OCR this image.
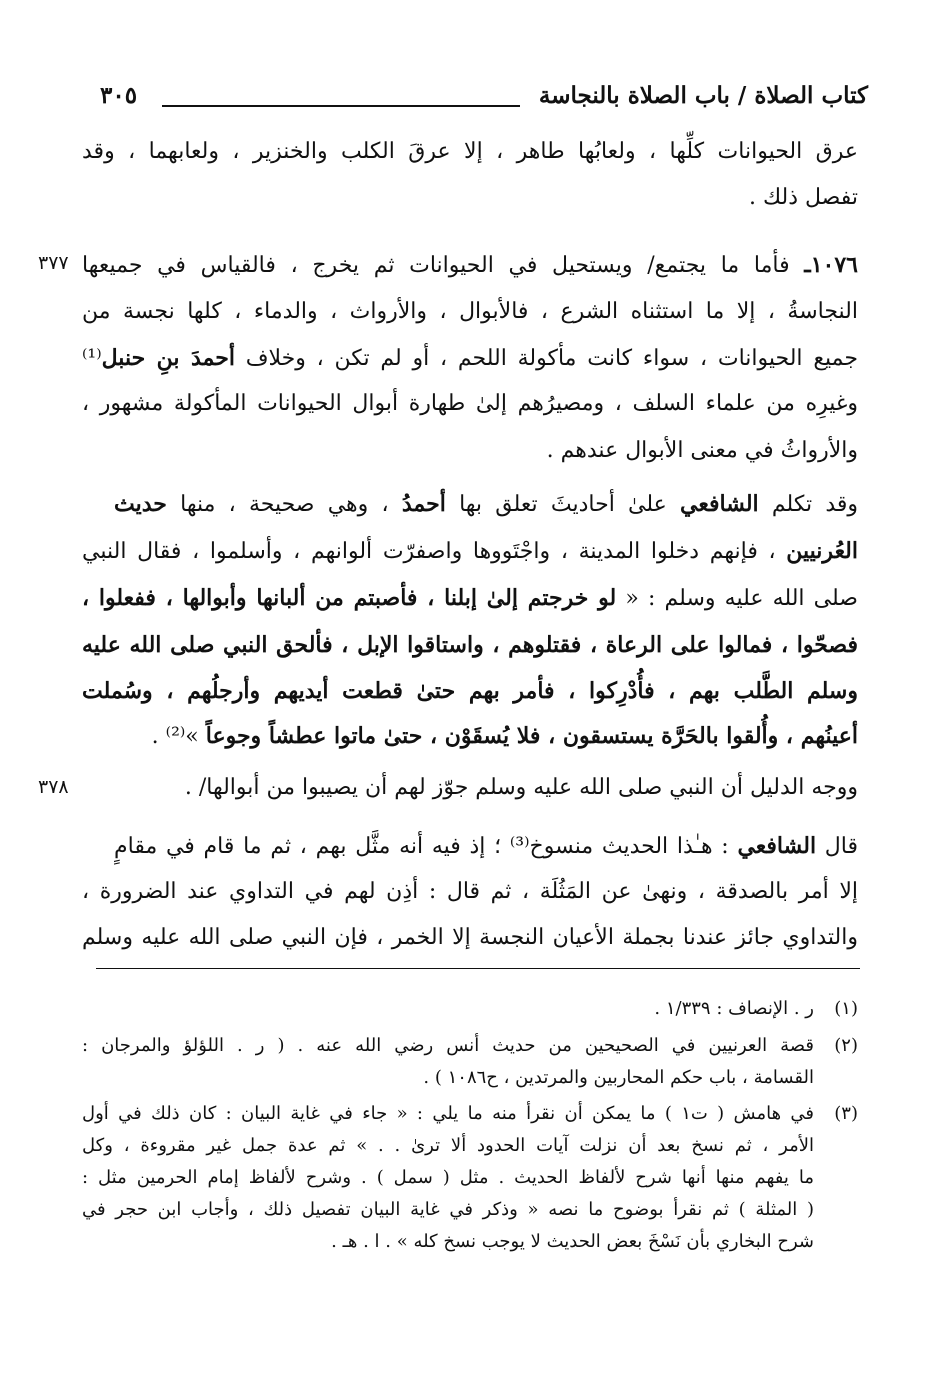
كتاب الصلاة / باب الصلاة بالنجاسة
٣٠٥
عرق الحيوانات كلِّها ، ولعابُها طاهر ، إلا عرقَ الكلب والخنزير ، ولعابهما ، وقد
تفصل ذلك .
١٠٧٦ـ فأما ما يجتمع/ ويستحيل في الحيوانات ثم يخرج ، فالقياس في جميعها
النجاسةُ ، إلا ما استثناه الشرع ، فالأبوال ، والأرواث ، والدماء ، كلها نجسة من
جميع الحيوانات ، سواء كانت مأكولة اللحم ، أو لم تكن ، وخلاف أحمدَ بنِ حنبل⁽¹⁾
وغيرِه من علماء السلف ، ومصيرُهم إلىٰ طهارة أبوال الحيوانات المأكولة مشهور ،
والأرواثُ في معنى الأبوال عندهم .
وقد تكلم الشافعي علىٰ أحاديثَ تعلق بها أحمدُ ، وهي صحيحة ، منها حديث
العُرنيين ، فإنهم دخلوا المدينة ، واجْتَووها واصفرّت ألوانهم ، وأسلموا ، فقال النبي
صلى الله عليه وسلم : « لو خرجتم إلىٰ إبلنا ، فأصبتم من ألبانها وأبوالها ، ففعلوا ،
فصحّوا ، فمالوا على الرعاة ، فقتلوهم ، واستاقوا الإبل ، فألحق النبي صلى الله عليه
وسلم الطَّلب بهم ، فأُدْرِكوا ، فأمر بهم حتىٰ قطعت أيديهم وأرجلُهم ، وسُملت
أعينُهم ، وأُلقوا بالحَرَّة يستسقون ، فلا يُسقَوْن ، حتىٰ ماتوا عطشاً وجوعاً »⁽²⁾ .
ووجه الدليل أن النبي صلى الله عليه وسلم جوّز لهم أن يصيبوا من أبوالها/ .
قال الشافعي : هـٰذا الحديث منسوخ⁽³⁾ ؛ إذ فيه أنه مثَّل بهم ، ثم ما قام في مقامٍ
إلا أمر بالصدقة ، ونهىٰ عن المَثُلَة ، ثم قال : أذِن لهم في التداوي عند الضرورة ،
والتداوي جائز عندنا بجملة الأعيان النجسة إلا الخمر ، فإن النبي صلى الله عليه وسلم
٣٧٧
٣٧٨
(١)
ر . الإنصاف : ١/٣٣٩ .
(٢)
قصة العرنيين في الصحيحين من حديث أنس رضي الله عنه . ( ر . اللؤلؤ والمرجان :
القسامة ، باب حكم المحاربين والمرتدين ، ح١٠٨٦ ) .
(٣)
في هامش ( ت١ ) ما يمكن أن نقرأ منه ما يلي : « جاء في غاية البيان : كان ذلك في أول
الأمر ، ثم نسخ بعد أن نزلت آيات الحدود ألا ترىٰ . . » ثم عدة جمل غير مقروءة ، وكل
ما يفهم منها أنها شرح لألفاظ الحديث . مثل ( سمل ) . وشرح لألفاظ إمام الحرمين مثل :
( المثلة ) ثم نقرأ بوضوح ما نصه « وذكر في غاية البيان تفصيل ذلك ، وأجاب ابن حجر في
شرح البخاري بأن نَسْخَ بعض الحديث لا يوجب نسخ كله » . ا . هـ .
